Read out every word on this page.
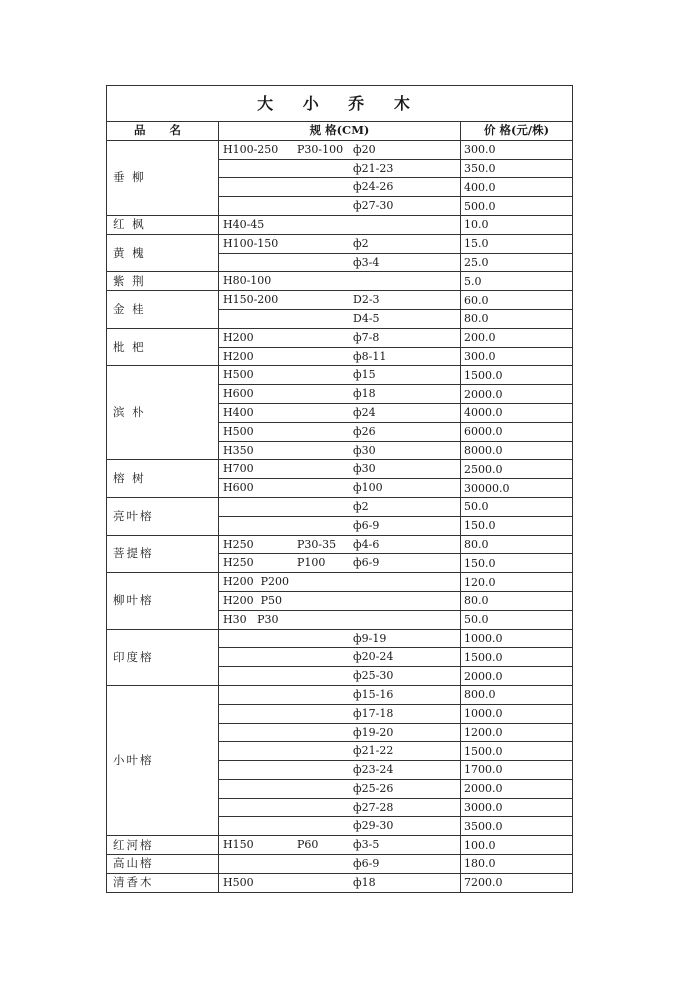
大 小 乔 木		
品 名	规 格(CM)	价 格(元/株)
垂 柳	H100-250 P30-100 ф20	300.0

	ф21-23	350.0

	ф24-26	400.0

	ф27-30	500.0
红 枫	H40-45	10.0
黄 槐	H100-150 ф2	15.0

	ф3-4	25.0
紫 荆	H80-100	5.0
金 桂	H150-200 D2-3	60.0

	D4-5	80.0
枇 杷	H200 ф7-8	200.0

	H200 ф8-11	300.0
滨 朴	H500 ф15	1500.0

	H600 ф18	2000.0

	H400 ф24	4000.0

	H500 ф26	6000.0

	H350 ф30	8000.0
榕 树	H700 ф30	2500.0

	H600 ф100	30000.0
亮叶榕	ф2	50.0

	ф6-9	150.0
菩提榕	H250 P30-35 ф4-6	80.0

	H250 P100 ф6-9	150.0
柳叶榕	H200  P200	120.0

	H200  P50	80.0

	H30   P30	50.0
印度榕	ф9-19	1000.0

	ф20-24	1500.0

	ф25-30	2000.0
小叶榕	ф15-16	800.0

	ф17-18	1000.0

	ф19-20	1200.0

	ф21-22	1500.0

	ф23-24	1700.0

	ф25-26	2000.0

	ф27-28	3000.0

	ф29-30	3500.0
红河榕	H150 P60 ф3-5	100.0
高山榕	ф6-9	180.0
清香木	H500 ф18	7200.0
